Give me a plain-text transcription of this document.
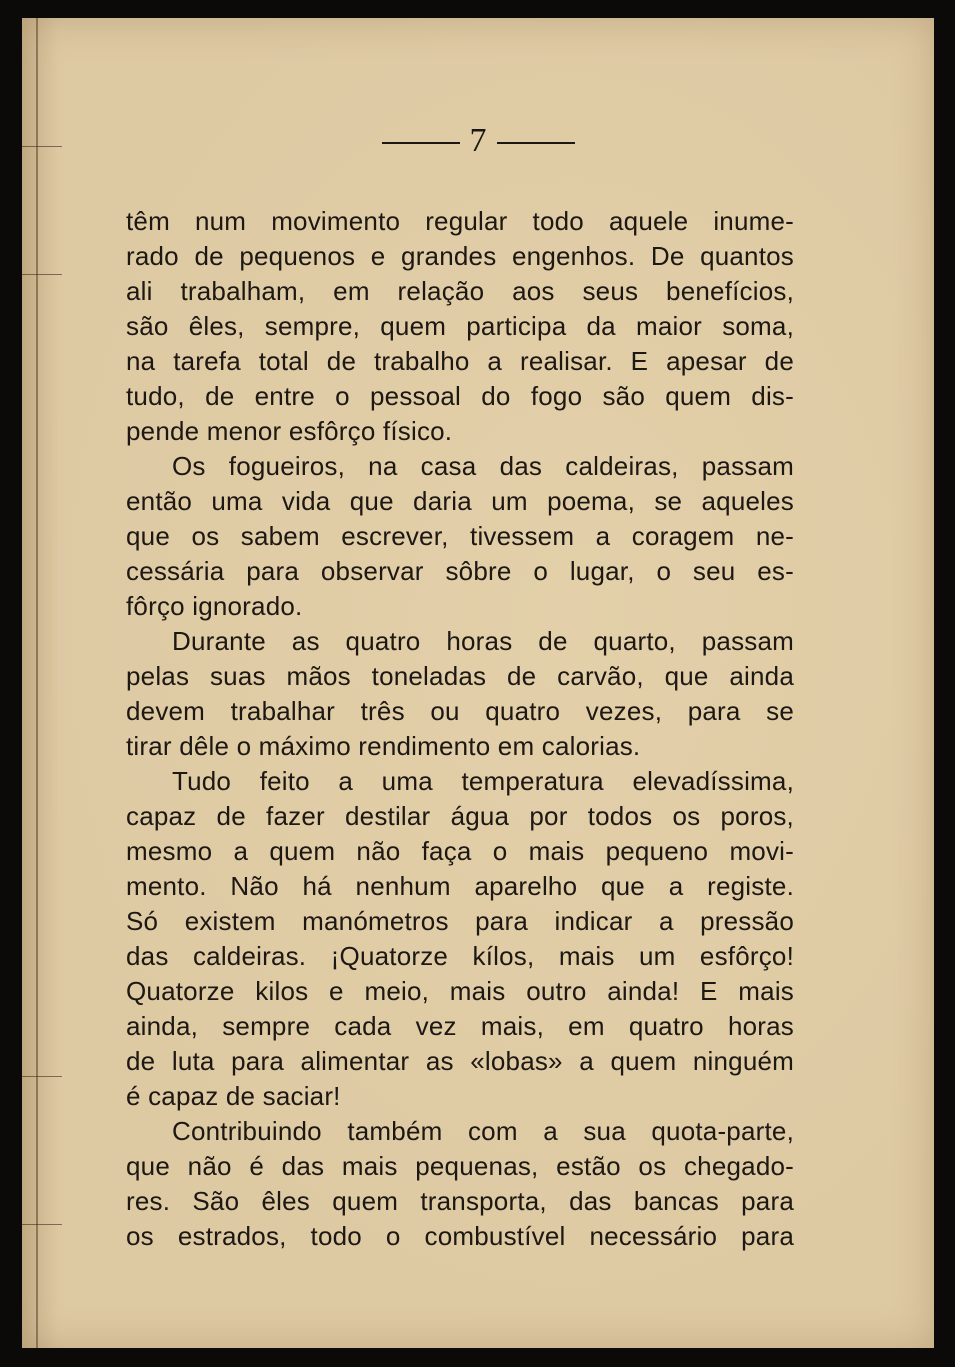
7
têm num movimento regular todo aquele inume-
rado de pequenos e grandes engenhos. De quantos
ali trabalham, em relação aos seus benefícios,
são êles, sempre, quem participa da maior soma,
na tarefa total de trabalho a realisar. E apesar de
tudo, de entre o pessoal do fogo são quem dis-
pende menor esfôrço físico.
Os fogueiros, na casa das caldeiras, passam
então uma vida que daria um poema, se aqueles
que os sabem escrever, tivessem a coragem ne-
cessária para observar sôbre o lugar, o seu es-
fôrço ignorado.
Durante as quatro horas de quarto, passam
pelas suas mãos toneladas de carvão, que ainda
devem trabalhar três ou quatro vezes, para se
tirar dêle o máximo rendimento em calorias.
Tudo feito a uma temperatura elevadíssima,
capaz de fazer destilar água por todos os poros,
mesmo a quem não faça o mais pequeno movi-
mento. Não há nenhum aparelho que a registe.
Só existem manómetros para indicar a pressão
das caldeiras. ¡Quatorze kílos, mais um esfôrço!
Quatorze kilos e meio, mais outro ainda! E mais
ainda, sempre cada vez mais, em quatro horas
de luta para alimentar as «lobas» a quem ninguém
é capaz de saciar!
Contribuindo também com a sua quota-parte,
que não é das mais pequenas, estão os chegado-
res. São êles quem transporta, das bancas para
os estrados, todo o combustível necessário para
